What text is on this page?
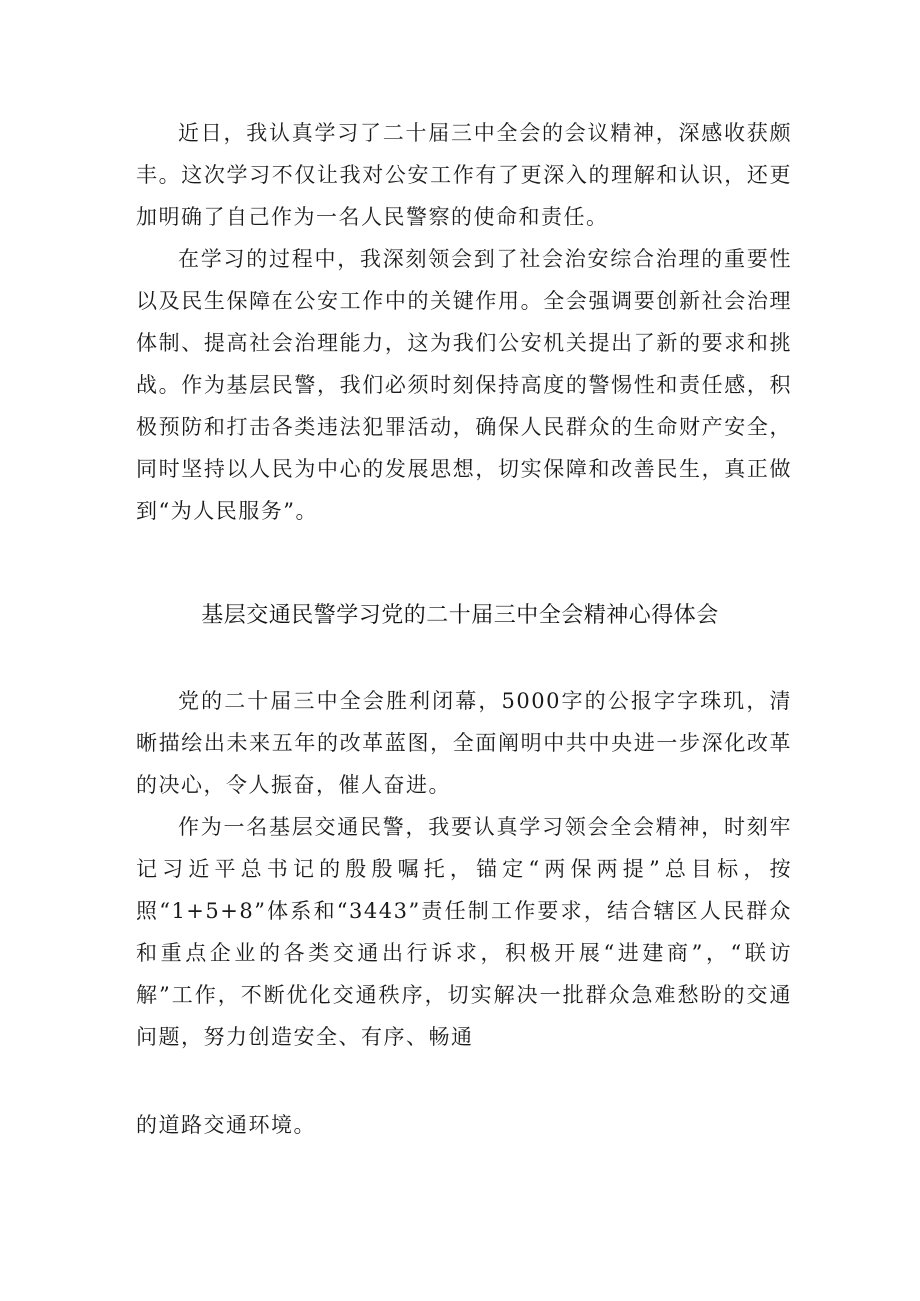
近日，我认真学习了二十届三中全会的会议精神，深感收获颇丰。这次学习不仅让我对公安工作有了更深入的理解和认识，还更加明确了自己作为一名人民警察的使命和责任。

在学习的过程中，我深刻领会到了社会治安综合治理的重要性以及民生保障在公安工作中的关键作用。全会强调要创新社会治理体制、提高社会治理能力，这为我们公安机关提出了新的要求和挑战。作为基层民警，我们必须时刻保持高度的警惕性和责任感，积极预防和打击各类违法犯罪活动，确保人民群众的生命财产安全，同时坚持以人民为中心的发展思想，切实保障和改善民生，真正做到“为人民服务”。

基层交通民警学习党的二十届三中全会精神心得体会

党的二十届三中全会胜利闭幕，5000字的公报字字珠玑，清晰描绘出未来五年的改革蓝图，全面阐明中共中央进一步深化改革的决心，令人振奋，催人奋进。

作为一名基层交通民警，我要认真学习领会全会精神，时刻牢记习近平总书记的殷殷嘱托，锚定“两保两提”总目标，按照“1+5+8”体系和“3443”责任制工作要求，结合辖区人民群众和重点企业的各类交通出行诉求，积极开展“进建商”，“联访解”工作，不断优化交通秩序，切实解决一批群众急难愁盼的交通问题，努力创造安全、有序、畅通

的道路交通环境。
